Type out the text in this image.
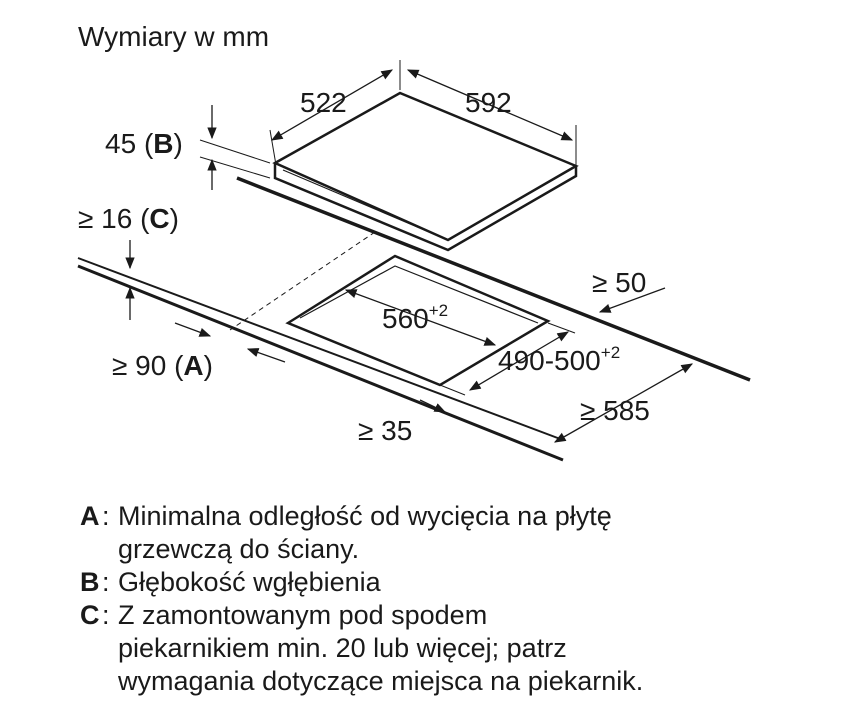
Wymiary w mm
522	592
45 (B)
≥ 16 (C)
≥ 90 (A)
$560^{+2}$
$490-500^{+2}$
≥ 50
≥ 585
≥ 35
A : Minimalna odległość od wycięcia na płytę
grzewczą do ściany.
B : Głębokość wgłębienia
C : Z zamontowanym pod spodem
piekarnikiem min. 20 lub więcej; patrz
wymagania dotyczące miejsca na piekarnik.
